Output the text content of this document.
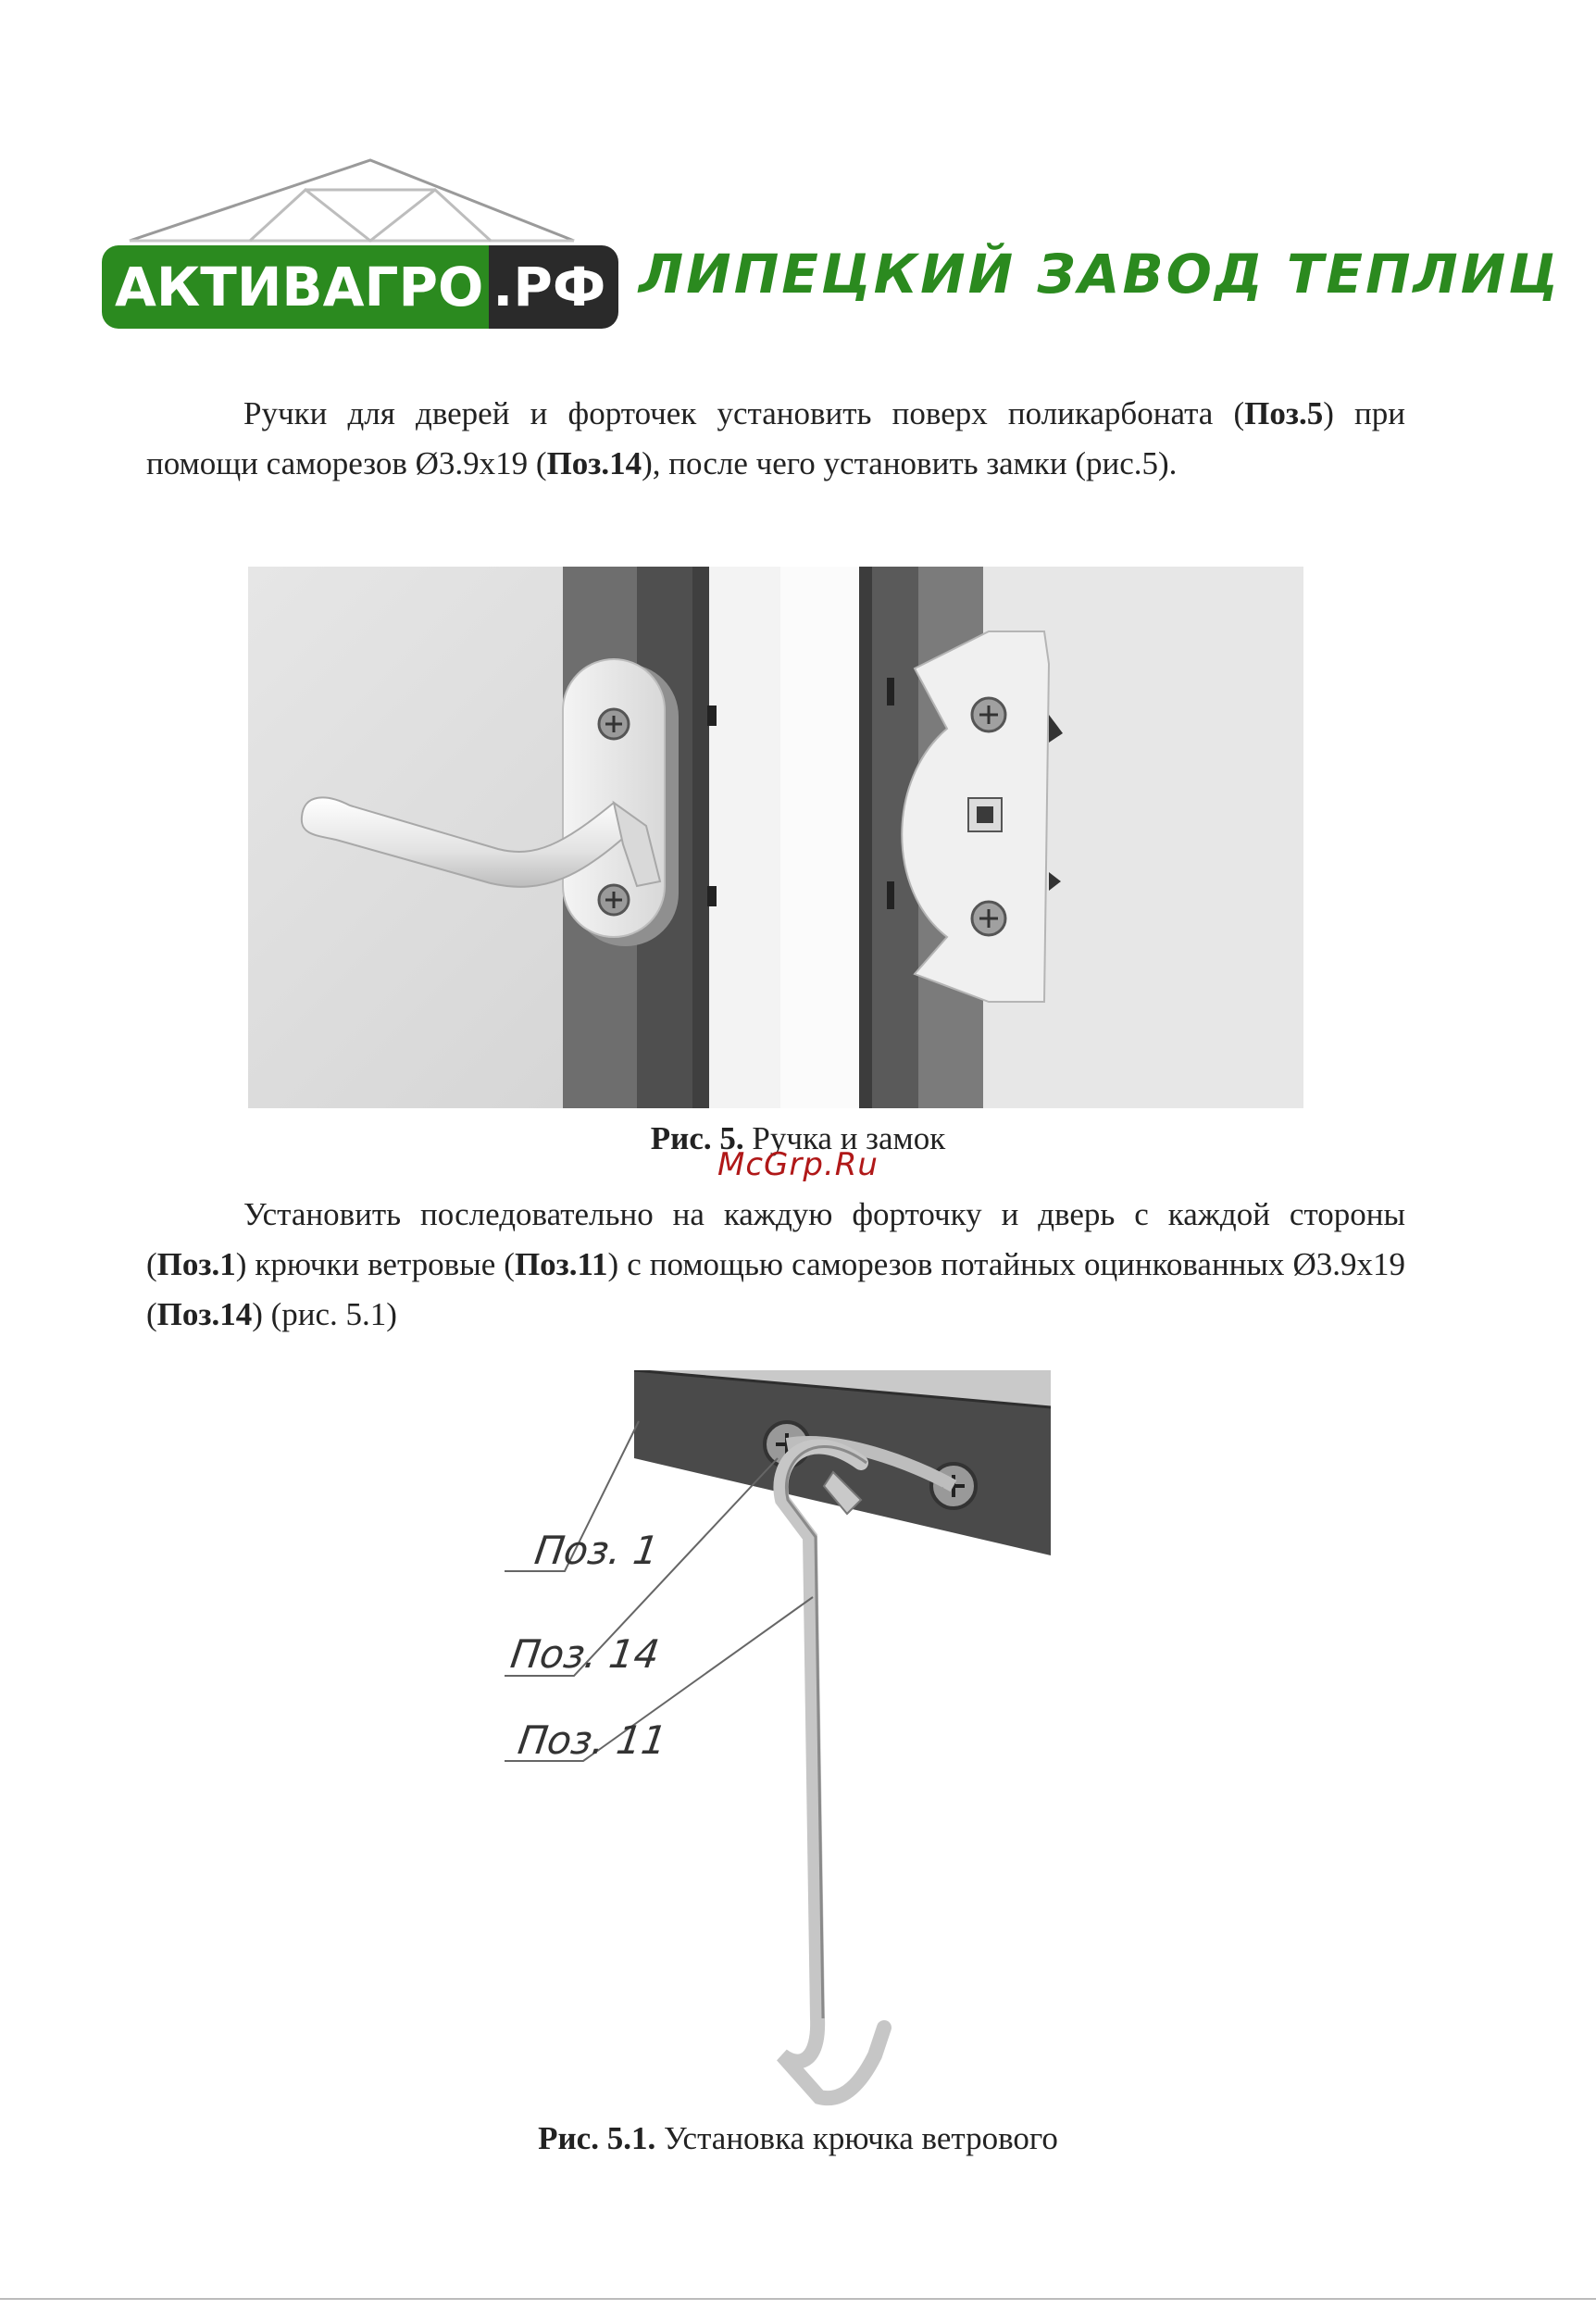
АКТИВАГРО .РФ ЛИПЕЦКИЙ ЗАВОД ТЕПЛИЦ
Ручки для дверей и форточек установить поверх поликарбоната (Поз.5) при помощи саморезов Ø3.9х19 (Поз.14), после чего установить замки (рис.5).
Рис. 5. Ручка и замок
McGrp.Ru
Установить последовательно на каждую форточку и дверь с каждой стороны (Поз.1) крючки ветровые (Поз.11) с помощью саморезов потайных оцинкованных Ø3.9х19 (Поз.14) (рис. 5.1)
Поз. 1
Поз. 14
Поз. 11
Рис. 5.1. Установка крючка ветрового
